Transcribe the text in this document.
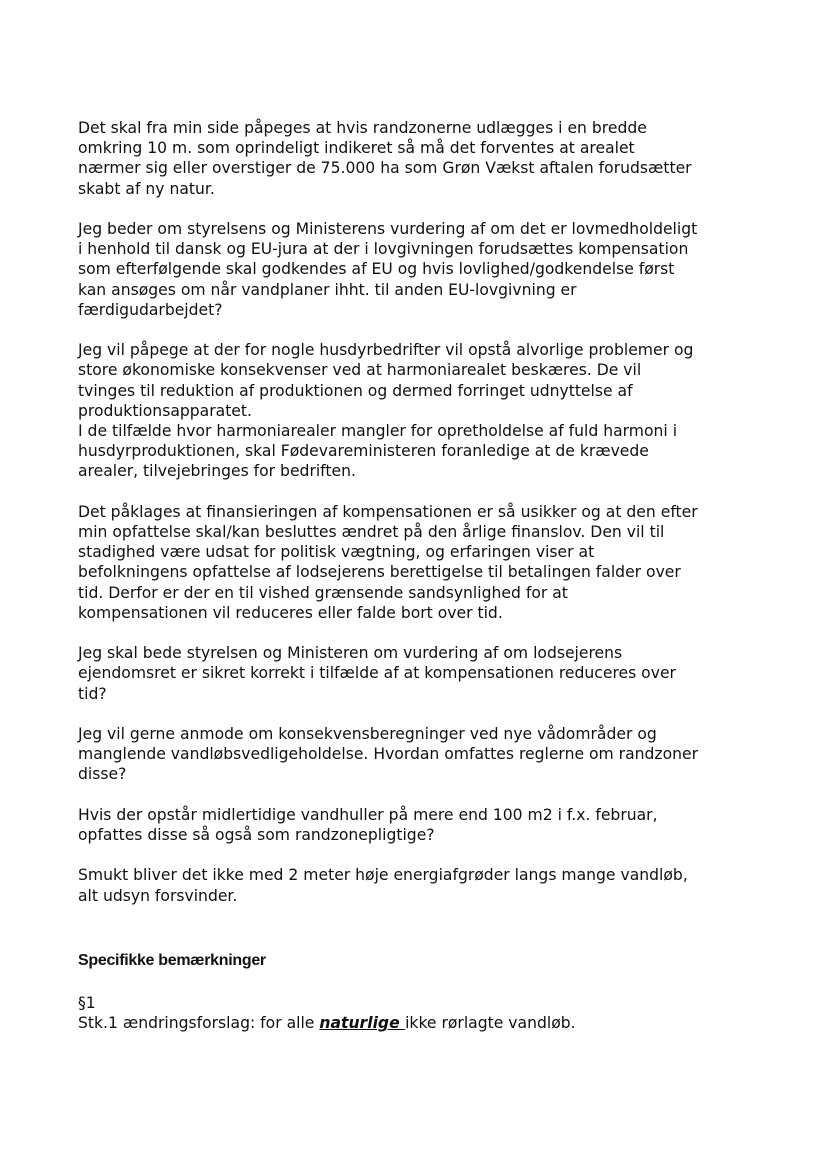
Det skal fra min side påpeges at hvis randzonerne udlægges i en bredde
omkring 10 m. som oprindeligt indikeret så må det forventes at arealet
nærmer sig eller overstiger de 75.000 ha som Grøn Vækst aftalen forudsætter
skabt af ny natur.
Jeg beder om styrelsens og Ministerens vurdering af om det er lovmedholdeligt
i henhold til dansk og EU-jura at der i lovgivningen forudsættes kompensation
som efterfølgende skal godkendes af EU og hvis lovlighed/godkendelse først
kan ansøges om når vandplaner ihht. til anden EU-lovgivning er
færdigudarbejdet?
Jeg vil påpege at der for nogle husdyrbedrifter vil opstå alvorlige problemer og
store økonomiske konsekvenser ved at harmoniarealet beskæres. De vil
tvinges til reduktion af produktionen og dermed forringet udnyttelse af
produktionsapparatet.
I de tilfælde hvor harmoniarealer mangler for opretholdelse af fuld harmoni i
husdyrproduktionen, skal Fødevareministeren foranledige at de krævede
arealer, tilvejebringes for bedriften.
Det påklages at finansieringen af kompensationen er så usikker og at den efter
min opfattelse skal/kan besluttes ændret på den årlige finanslov. Den vil til
stadighed være udsat for politisk vægtning, og erfaringen viser at
befolkningens opfattelse af lodsejerens berettigelse til betalingen falder over
tid. Derfor er der en til vished grænsende sandsynlighed for at
kompensationen vil reduceres eller falde bort over tid.
Jeg skal bede styrelsen og Ministeren om vurdering af om lodsejerens
ejendomsret er sikret korrekt i tilfælde af at kompensationen reduceres over
tid?
Jeg vil gerne anmode om konsekvensberegninger ved nye vådområder og
manglende vandløbsvedligeholdelse. Hvordan omfattes reglerne om randzoner
disse?
Hvis der opstår midlertidige vandhuller på mere end 100 m2 i f.x. februar,
opfattes disse så også som randzonepligtige?
Smukt bliver det ikke med 2 meter høje energiafgrøder langs mange vandløb,
alt udsyn forsvinder.
Specifikke bemærkninger
§1
Stk.1 ændringsforslag: for alle naturlige ikke rørlagte vandløb.
